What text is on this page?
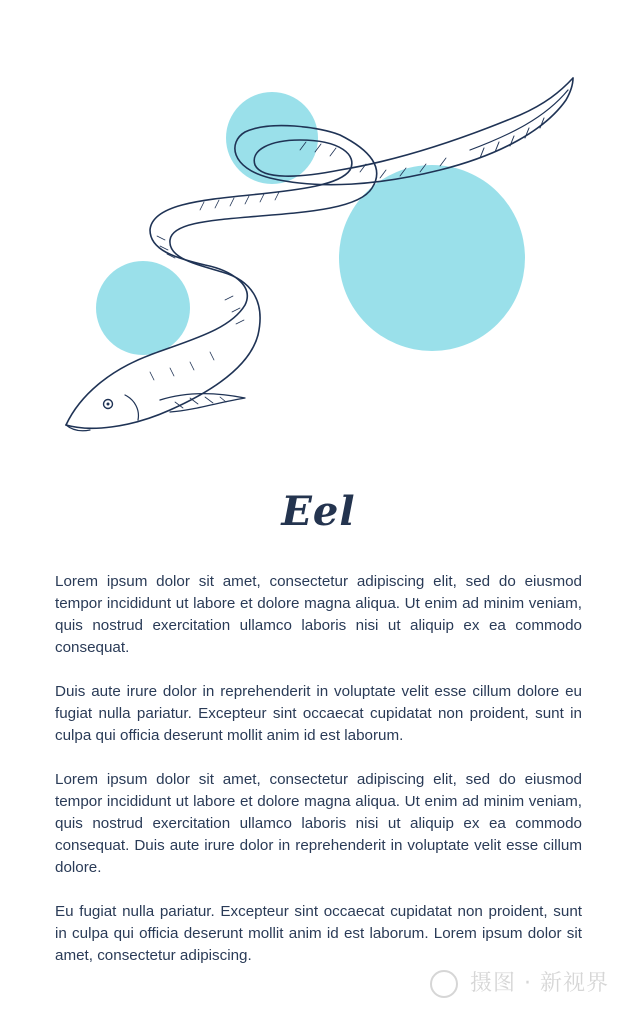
Eel

Lorem ipsum dolor sit amet, consectetur adipiscing elit, sed do eiusmod tempor incididunt ut labore et dolore magna aliqua. Ut enim ad minim veniam, quis nostrud exercitation ullamco laboris nisi ut aliquip ex ea commodo consequat.

Duis aute irure dolor in reprehenderit in voluptate velit esse cillum dolore eu fugiat nulla pariatur. Excepteur sint occaecat cupidatat non proident, sunt in culpa qui officia deserunt mollit anim id est laborum.

Lorem ipsum dolor sit amet, consectetur adipiscing elit, sed do eiusmod tempor incididunt ut labore et dolore magna aliqua. Ut enim ad minim veniam, quis nostrud exercitation ullamco laboris nisi ut aliquip ex ea commodo consequat. Duis aute irure dolor in reprehenderit in voluptate velit esse cillum dolore.

Eu fugiat nulla pariatur. Excepteur sint occaecat cupidatat non proident, sunt in culpa qui officia deserunt mollit anim id est laborum. Lorem ipsum dolor sit amet, consectetur adipiscing.

摄图 · 新视界
